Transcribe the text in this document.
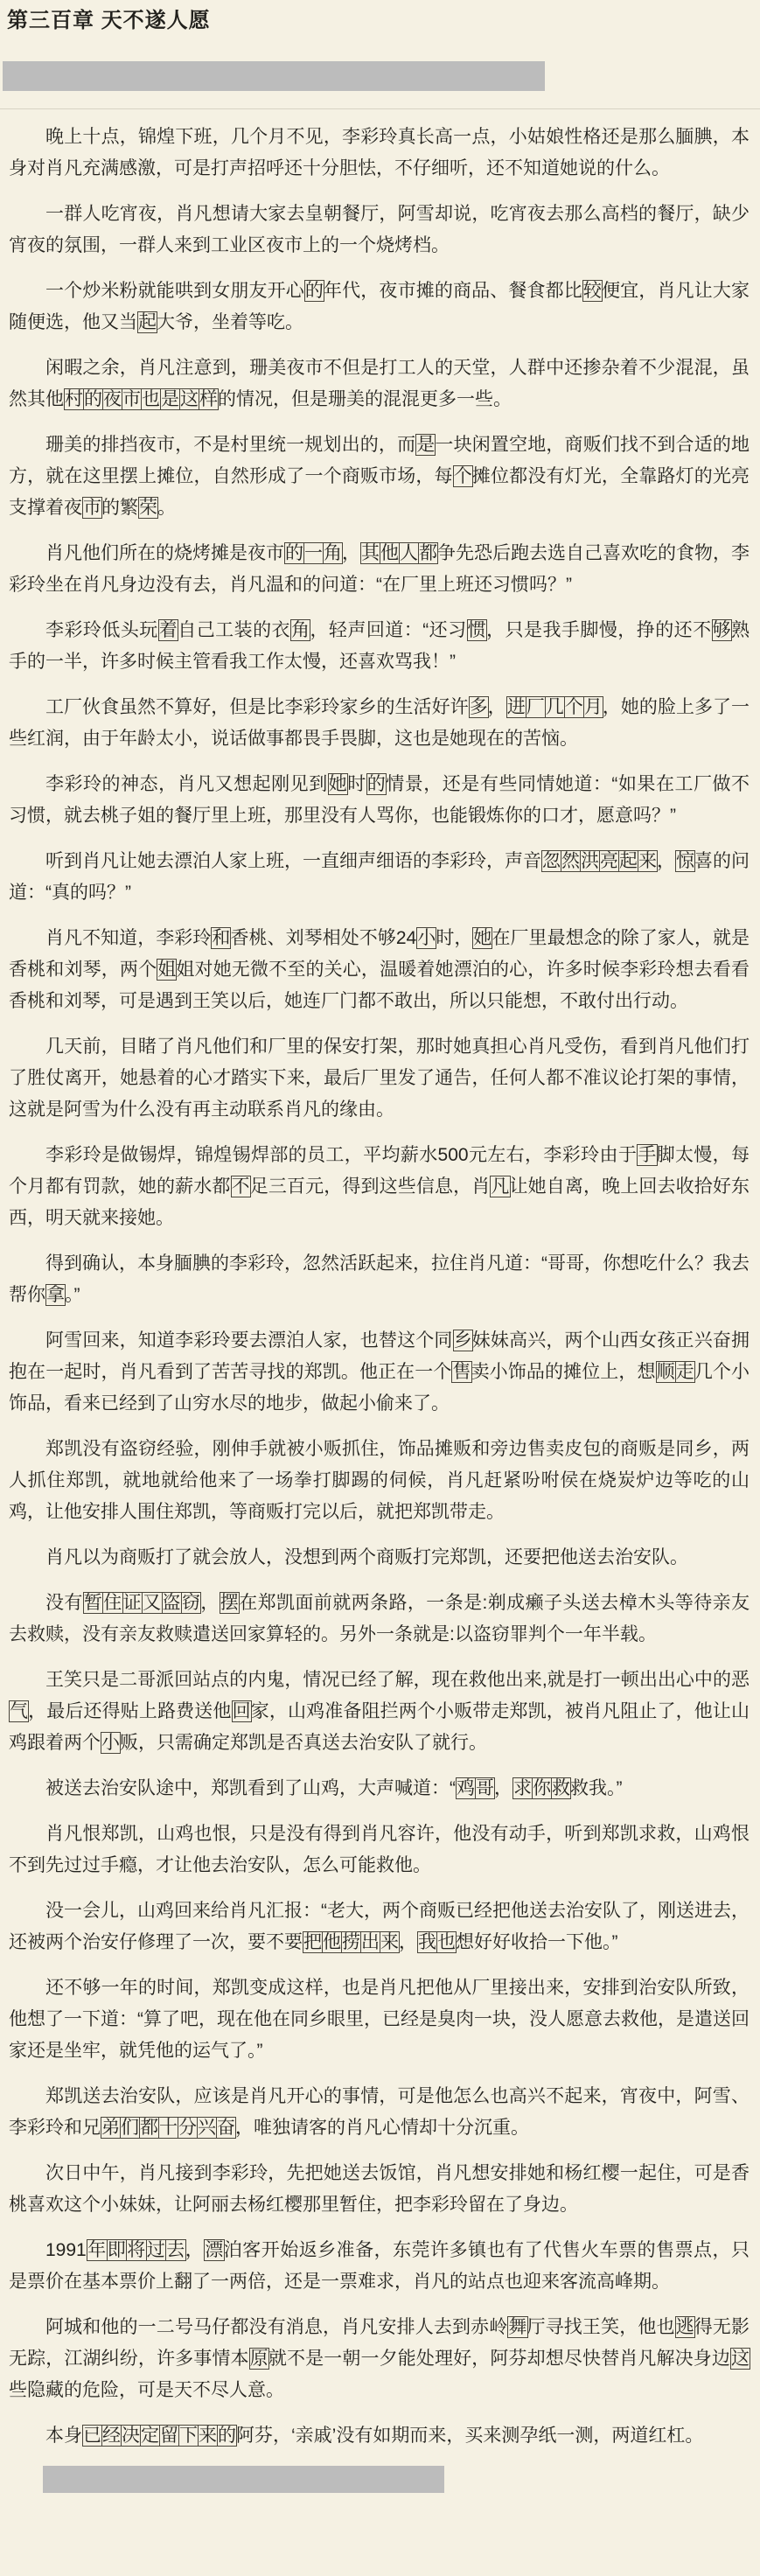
第三百章 天不遂人愿

晚上十点，锦煌下班，几个月不见，李彩玲真长高一点，小姑娘性格还是那么腼腆，本身对肖凡充满感激，可是打声招呼还十分胆怯，不仔细听，还不知道她说的什么。

一群人吃宵夜，肖凡想请大家去皇朝餐厅，阿雪却说，吃宵夜去那么高档的餐厅，缺少宵夜的氛围，一群人来到工业区夜市上的一个烧烤档。

一个炒米粉就能哄到女朋友开心的年代，夜市摊的商品、餐食都比较便宜，肖凡让大家随便选，他又当起大爷，坐着等吃。

闲暇之余，肖凡注意到，珊美夜市不但是打工人的天堂，人群中还掺杂着不少混混，虽然其他村的夜市也是这样的情况，但是珊美的混混更多一些。

珊美的排挡夜市，不是村里统一规划出的，而是一块闲置空地，商贩们找不到合适的地方，就在这里摆上摊位，自然形成了一个商贩市场，每个摊位都没有灯光，全靠路灯的光亮支撑着夜市的繁荣。

肖凡他们所在的烧烤摊是夜市的一角，其他人都争先恐后跑去选自己喜欢吃的食物，李彩玲坐在肖凡身边没有去，肖凡温和的问道：“在厂里上班还习惯吗？”

李彩玲低头玩着自己工装的衣角，轻声回道：“还习惯，只是我手脚慢，挣的还不够熟手的一半，许多时候主管看我工作太慢，还喜欢骂我！”

工厂伙食虽然不算好，但是比李彩玲家乡的生活好许多，进厂几个月，她的脸上多了一些红润，由于年龄太小，说话做事都畏手畏脚，这也是她现在的苦恼。

李彩玲的神态，肖凡又想起刚见到她时的情景，还是有些同情她道：“如果在工厂做不习惯，就去桃子姐的餐厅里上班，那里没有人骂你，也能锻炼你的口才，愿意吗？”

听到肖凡让她去漂泊人家上班，一直细声细语的李彩玲，声音忽然洪亮起来，惊喜的问道：“真的吗？”

肖凡不知道，李彩玲和香桃、刘琴相处不够24小时，她在厂里最想念的除了家人，就是香桃和刘琴，两个姐姐对她无微不至的关心，温暖着她漂泊的心，许多时候李彩玲想去看看香桃和刘琴，可是遇到王笑以后，她连厂门都不敢出，所以只能想，不敢付出行动。

几天前，目睹了肖凡他们和厂里的保安打架，那时她真担心肖凡受伤，看到肖凡他们打了胜仗离开，她悬着的心才踏实下来，最后厂里发了通告，任何人都不准议论打架的事情，这就是阿雪为什么没有再主动联系肖凡的缘由。

李彩玲是做锡焊，锦煌锡焊部的员工，平均薪水500元左右，李彩玲由于手脚太慢，每个月都有罚款，她的薪水都不足三百元，得到这些信息，肖凡让她自离，晚上回去收拾好东西，明天就来接她。

得到确认，本身腼腆的李彩玲，忽然活跃起来，拉住肖凡道：“哥哥，你想吃什么？我去帮你拿。”

阿雪回来，知道李彩玲要去漂泊人家，也替这个同乡妹妹高兴，两个山西女孩正兴奋拥抱在一起时，肖凡看到了苦苦寻找的郑凯。他正在一个售卖小饰品的摊位上，想顺走几个小饰品，看来已经到了山穷水尽的地步，做起小偷来了。

郑凯没有盗窃经验，刚伸手就被小贩抓住，饰品摊贩和旁边售卖皮包的商贩是同乡，两人抓住郑凯，就地就给他来了一场拳打脚踢的伺候，肖凡赶紧吩咐侯在烧炭炉边等吃的山鸡，让他安排人围住郑凯，等商贩打完以后，就把郑凯带走。

肖凡以为商贩打了就会放人，没想到两个商贩打完郑凯，还要把他送去治安队。

没有暂住证又盗窃，摆在郑凯面前就两条路，一条是:剃成癞子头送去樟木头等待亲友去救赎，没有亲友救赎遣送回家算轻的。另外一条就是:以盗窃罪判个一年半载。

王笑只是二哥派回站点的内鬼，情况已经了解，现在救他出来,就是打一顿出出心中的恶气，最后还得贴上路费送他回家，山鸡准备阻拦两个小贩带走郑凯，被肖凡阻止了，他让山鸡跟着两个小贩，只需确定郑凯是否真送去治安队了就行。

被送去治安队途中，郑凯看到了山鸡，大声喊道：“鸡哥，求你救救我。”

肖凡恨郑凯，山鸡也恨，只是没有得到肖凡容许，他没有动手，听到郑凯求救，山鸡恨不到先过过手瘾，才让他去治安队，怎么可能救他。

没一会儿，山鸡回来给肖凡汇报：“老大，两个商贩已经把他送去治安队了，刚送进去，还被两个治安仔修理了一次，要不要把他捞出来，我也想好好收拾一下他。”

还不够一年的时间，郑凯变成这样，也是肖凡把他从厂里接出来，安排到治安队所致，他想了一下道：“算了吧，现在他在同乡眼里，已经是臭肉一块，没人愿意去救他，是遣送回家还是坐牢，就凭他的运气了。”

郑凯送去治安队，应该是肖凡开心的事情，可是他怎么也高兴不起来，宵夜中，阿雪、李彩玲和兄弟们都十分兴奋，唯独请客的肖凡心情却十分沉重。

次日中午，肖凡接到李彩玲，先把她送去饭馆，肖凡想安排她和杨红樱一起住，可是香桃喜欢这个小妹妹，让阿丽去杨红樱那里暂住，把李彩玲留在了身边。

1991年即将过去，漂泊客开始返乡准备，东莞许多镇也有了代售火车票的售票点，只是票价在基本票价上翻了一两倍，还是一票难求，肖凡的站点也迎来客流高峰期。

阿城和他的一二号马仔都没有消息，肖凡安排人去到赤岭舞厅寻找王笑，他也逃得无影无踪，江湖纠纷，许多事情本原就不是一朝一夕能处理好，阿芬却想尽快替肖凡解决身边这些隐藏的危险，可是天不尽人意。

本身已经决定留下来的阿芬，‘亲戚’没有如期而来，买来测孕纸一测，两道红杠。
